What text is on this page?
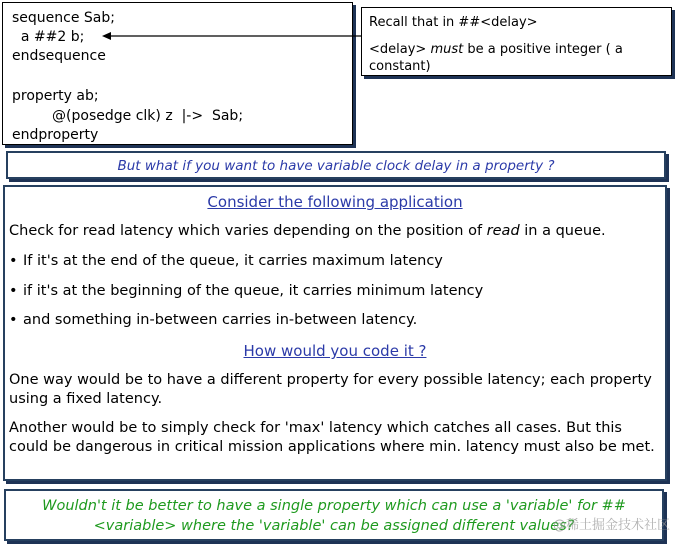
sequence Sab;
a ##2 b;
endsequence
property ab;
@(posedge clk) z  |->  Sab;
endproperty
Recall that in ##<delay>
<delay> must be a positive integer ( a
constant)
But what if you want to have variable clock delay in a property ?
Consider the following application
Check for read latency which varies depending on the position of read in a queue.
• If it's at the end of the queue, it carries maximum latency
• if it's at the beginning of the queue, it carries minimum latency
• and something in-between carries in-between latency.
How would you code it ?
One way would be to have a different property for every possible latency; each property using a fixed latency.
Another would be to simply check for 'max' latency which catches all cases. But this could be dangerous in critical mission applications where min. latency must also be met.
Wouldn't it be better to have a single property which can use a 'variable' for ##<variable> where the 'variable' can be assigned different values?
@稀土掘金技术社区
